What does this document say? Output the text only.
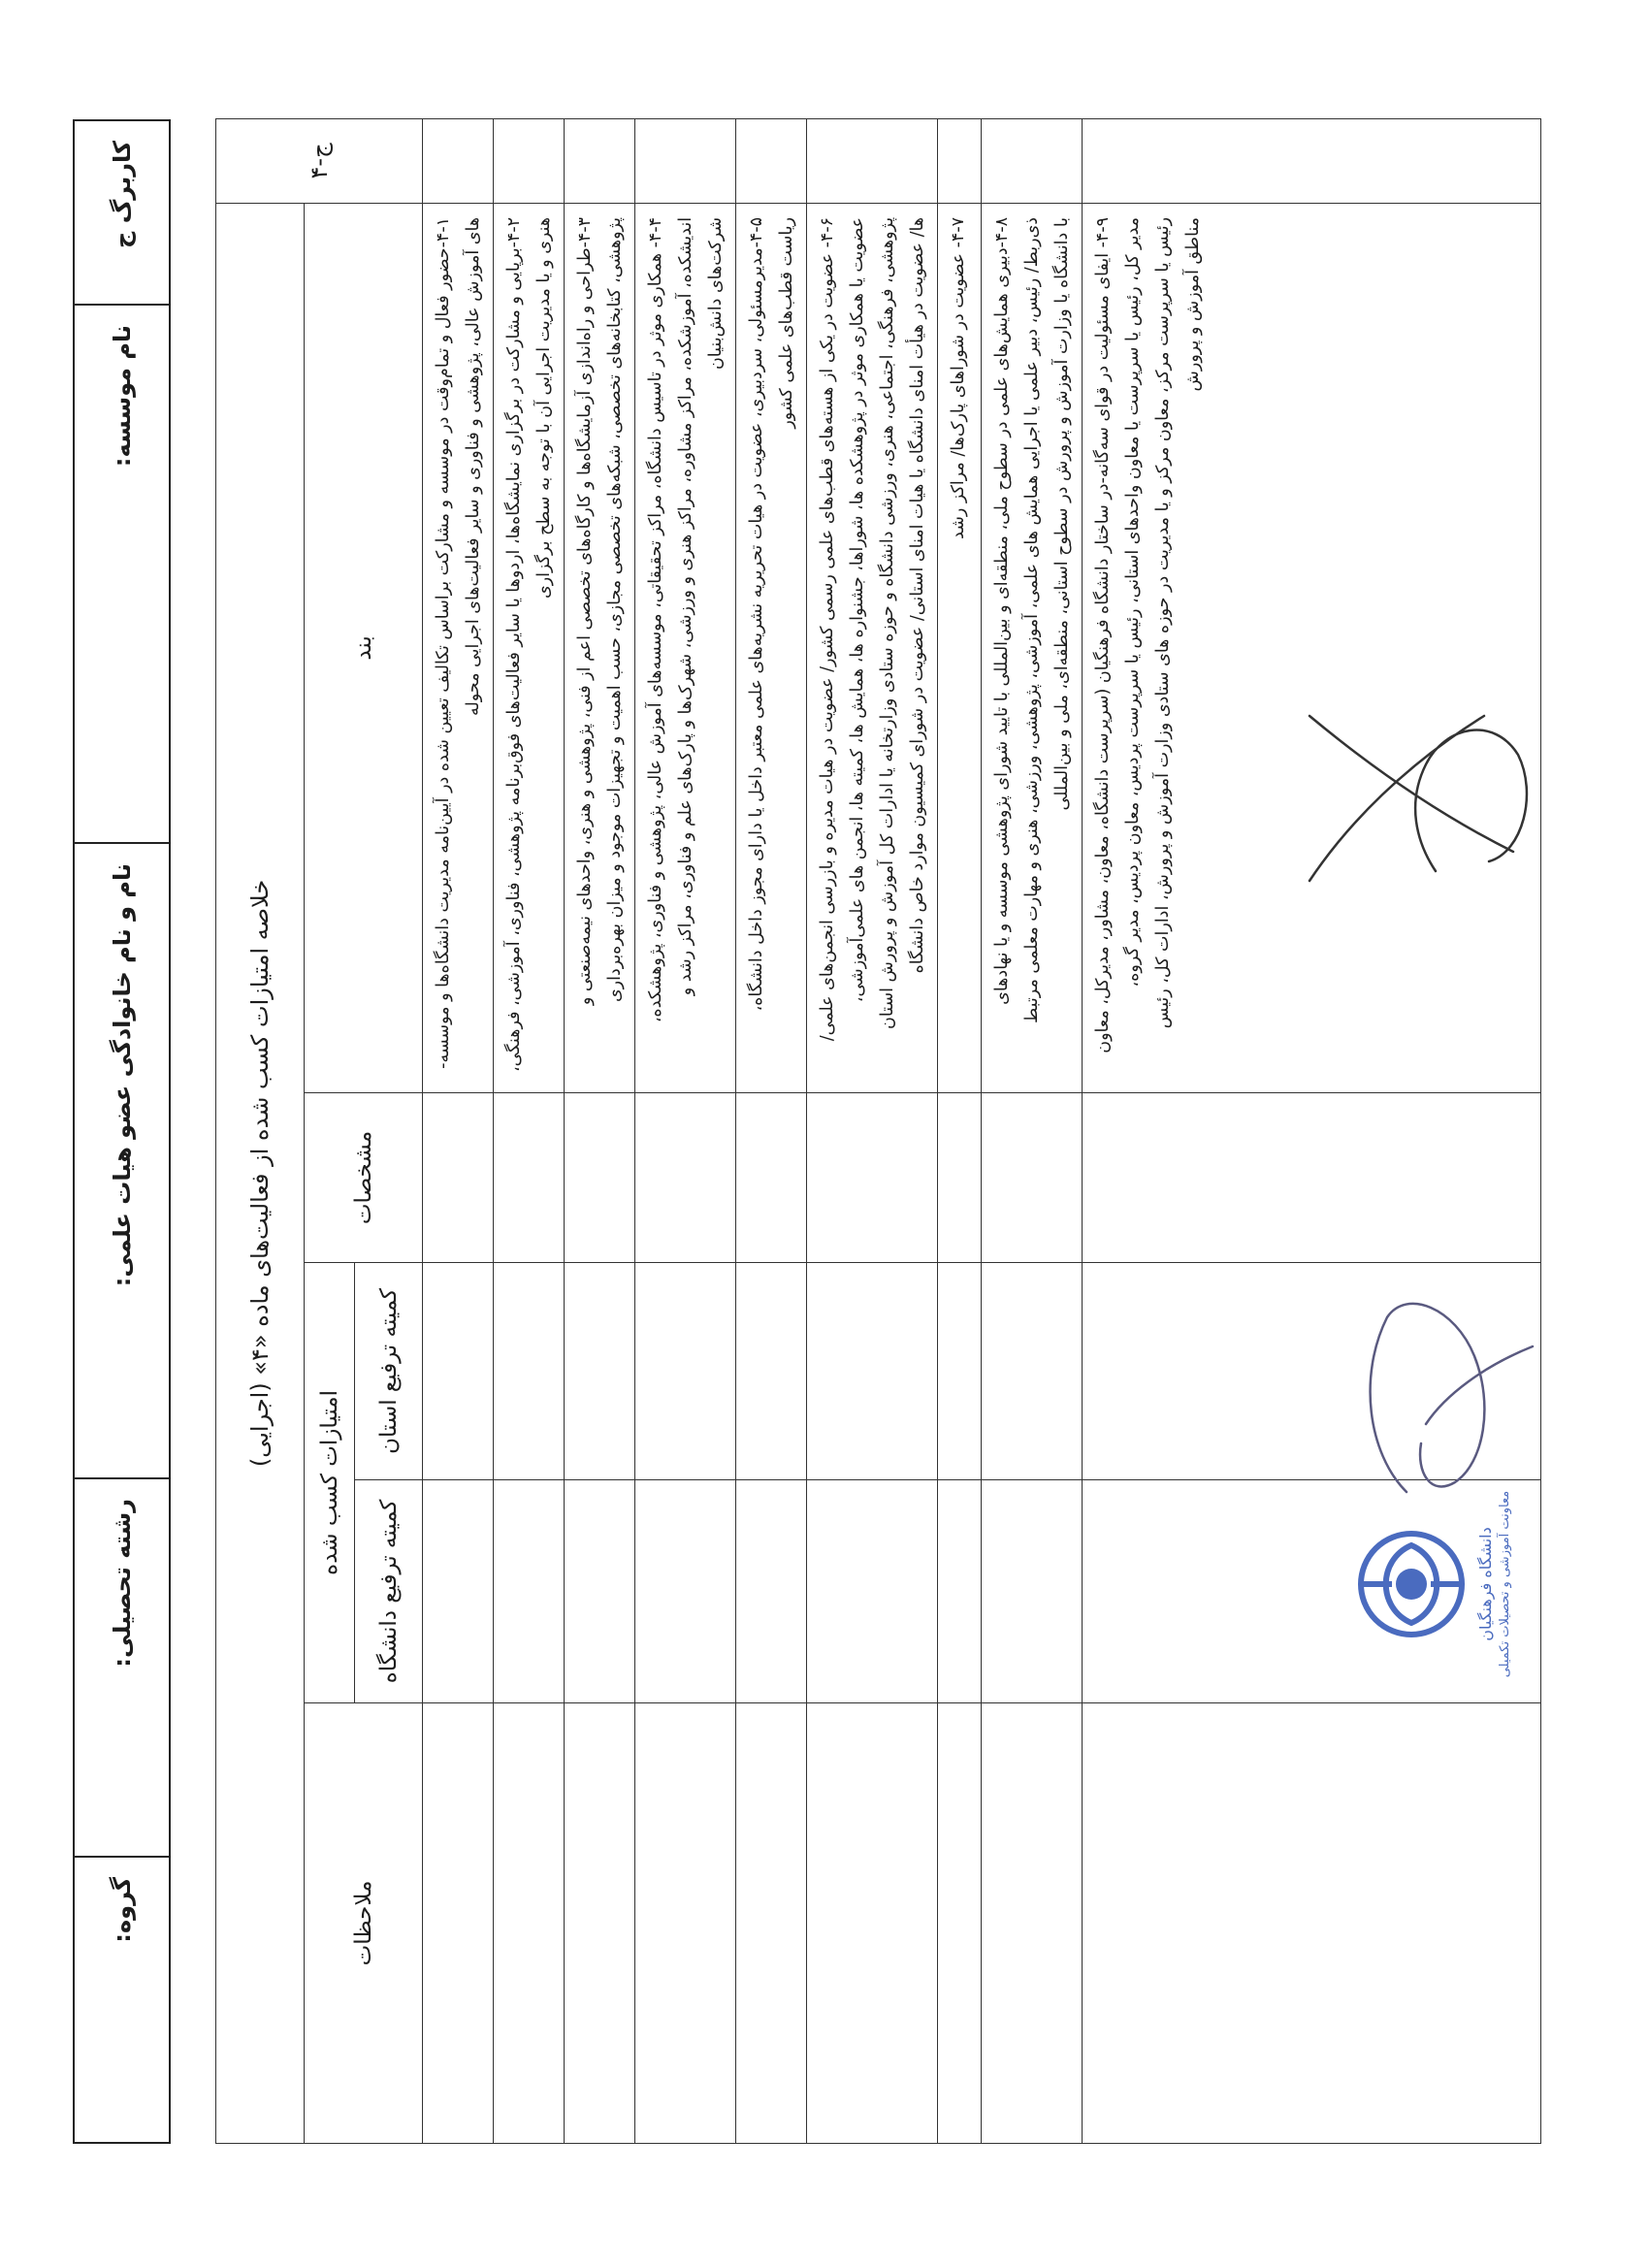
کاربرگ ج
نام موسسه:
نام و نام خانوادگی عضو هیات علمی:
رشته تحصیلی:
گروه:
ج-۴	خلاصه امتیازات کسب شده از فعالیت‌های ماده «۴» (اجرایی)				
	بند	مشخصات	امتیازات کسب شده		ملاحظات
			کمیته ترفیع استان	کمیته ترفیع دانشگاه	

	۴-۱-حضور فعال و تمام‌وقت در موسسه و مشارکت براساس تکالیف تعیین شده در آیین‌نامه مدیریت دانشگاه‌ها و موسسه- های آموزش عالی، پژوهشی و فناوری و سایر فعالیت‌های اجرایی محوله				

	۴-۲-برپایی و مشارکت در برگزاری نمایشگاه‌ها، اردوها یا سایر فعالیت‌های فوق‌برنامه پژوهشی، فناوری، آموزشی، فرهنگی، هنری و یا مدیریت اجرایی آن با توجه به سطح برگزاری				

	۴-۳-طراحی و راه‌اندازی آزمایشگاه‌ها و کارگاه‌های تخصصی اعم از فنی، پژوهشی و هنری، واحدهای نیمه‌صنعتی و پژوهشی، کتابخانه‌های تخصصی، شبکه‌های تخصصی مجازی، حسب اهمیت و تجهیزات موجود و میزان بهره‌برداری				

	۴-۴- همکاری موثر در تاسیس دانشگاه، مراکز تحقیقاتی، موسسه‌های آموزش عالی، پژوهشی و فناوری، پژوهشکده، اندیشکده، آموزشکده، مراکز مشاوره، مراکز هنری و ورزشی، شهرک‌ها و پارک‌های علم و فناوری، مراکز رشد و شرکت‌های دانش‌بنیان				

	۴-۵-مدیرمسئولی، سردبیری، عضویت در هیات تحریریه نشریه‌های علمی معتبر داخل یا دارای مجوز داخل دانشگاه، ریاست قطب‌های علمی کشور				

	۴-۶- عضویت در یکی از هسته‌های قطب‌های علمی رسمی کشور/ عضویت در هیات مدیره و بازرسی انجمن‌های علمی/ عضویت یا همکاری موثر در پژوهشکده ها، شوراها، جشنواره ها، همایش ها، کمیته ها، انجمن های علمی‌آموزشی، پژوهشی، فرهنگی، اجتماعی، هنری، ورزشی دانشگاه و حوزه ستادی وزارتخانه یا ادارات کل آموزش و پرورش استان ها/ عضویت در هیأت امنای دانشگاه یا هیات امنای استانی/ عضویت در شورای کمیسیون موارد خاص دانشگاه				

	۴-۷- عضویت در شوراهای پارک‌ها/ مراکز رشد				

	۴-۸-دبیری همایش‌های علمی در سطوح ملی، منطقه‌ای و بین‌المللی با تایید شورای پژوهشی موسسه و یا نهادهای ذی‌ربط/ رئیس، دبیر علمی یا اجرایی همایش های علمی، آموزشی، پژوهشی، ورزشی، هنری و مهارت معلمی مرتبط با دانشگاه یا وزارت آموزش و پرورش در سطوح استانی، منطقه‌ای، ملی و بین‌المللی				

	۴-۹- ایفای مسئولیت در قوای سه‌گانه-در ساختار دانشگاه فرهنگیان (سرپرست دانشگاه، معاون، مشاور، مدیرکل، معاون مدیر کل، رئیس یا سرپرست یا معاون واحدهای استانی، رئیس یا سرپرست پردیس، معاون پردیس، مدیر گروه، رئیس یا سرپرست مرکز، معاون مرکز و یا مدیریت در حوزه های ستادی وزارت آموزش و پرورش، ادارات کل، رئیس مناطق آموزش و پرورش				

دانشگاه فرهنگیان معاونت آموزشی و تحصیلات تکمیلی
